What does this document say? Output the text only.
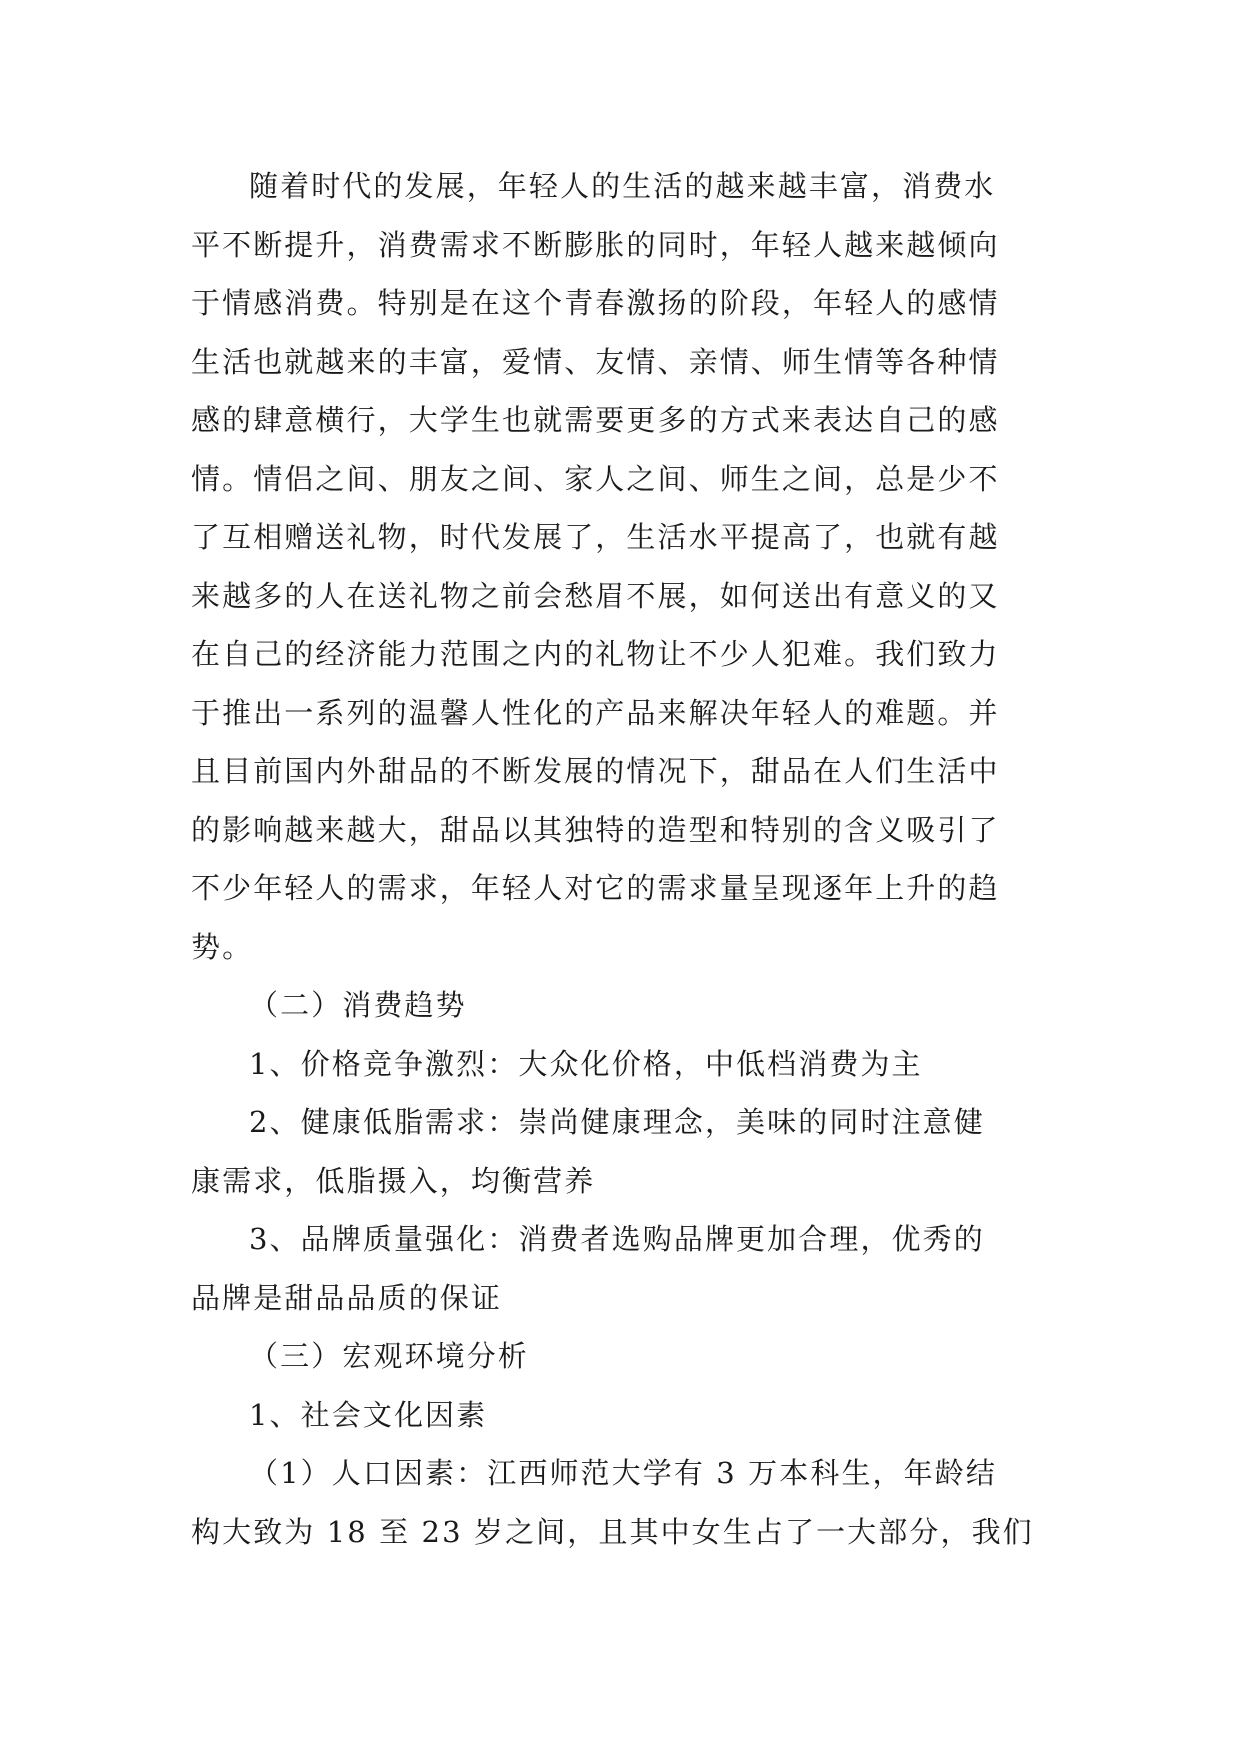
随着时代的发展，年轻人的生活的越来越丰富，消费水
平不断提升，消费需求不断膨胀的同时，年轻人越来越倾向
于情感消费。特别是在这个青春激扬的阶段，年轻人的感情
生活也就越来的丰富，爱情、友情、亲情、师生情等各种情
感的肆意横行，大学生也就需要更多的方式来表达自己的感
情。情侣之间、朋友之间、家人之间、师生之间，总是少不
了互相赠送礼物，时代发展了，生活水平提高了，也就有越
来越多的人在送礼物之前会愁眉不展，如何送出有意义的又
在自己的经济能力范围之内的礼物让不少人犯难。我们致力
于推出一系列的温馨人性化的产品来解决年轻人的难题。并
且目前国内外甜品的不断发展的情况下，甜品在人们生活中
的影响越来越大，甜品以其独特的造型和特别的含义吸引了
不少年轻人的需求，年轻人对它的需求量呈现逐年上升的趋
势。
（二）消费趋势
1、价格竞争激烈：大众化价格，中低档消费为主
2、健康低脂需求：崇尚健康理念，美味的同时注意健
康需求，低脂摄入，均衡营养
3、品牌质量强化：消费者选购品牌更加合理，优秀的
品牌是甜品品质的保证
（三）宏观环境分析
1、社会文化因素
（1）人口因素：江西师范大学有 3 万本科生，年龄结
构大致为 18 至 23 岁之间，且其中女生占了一大部分，我们
